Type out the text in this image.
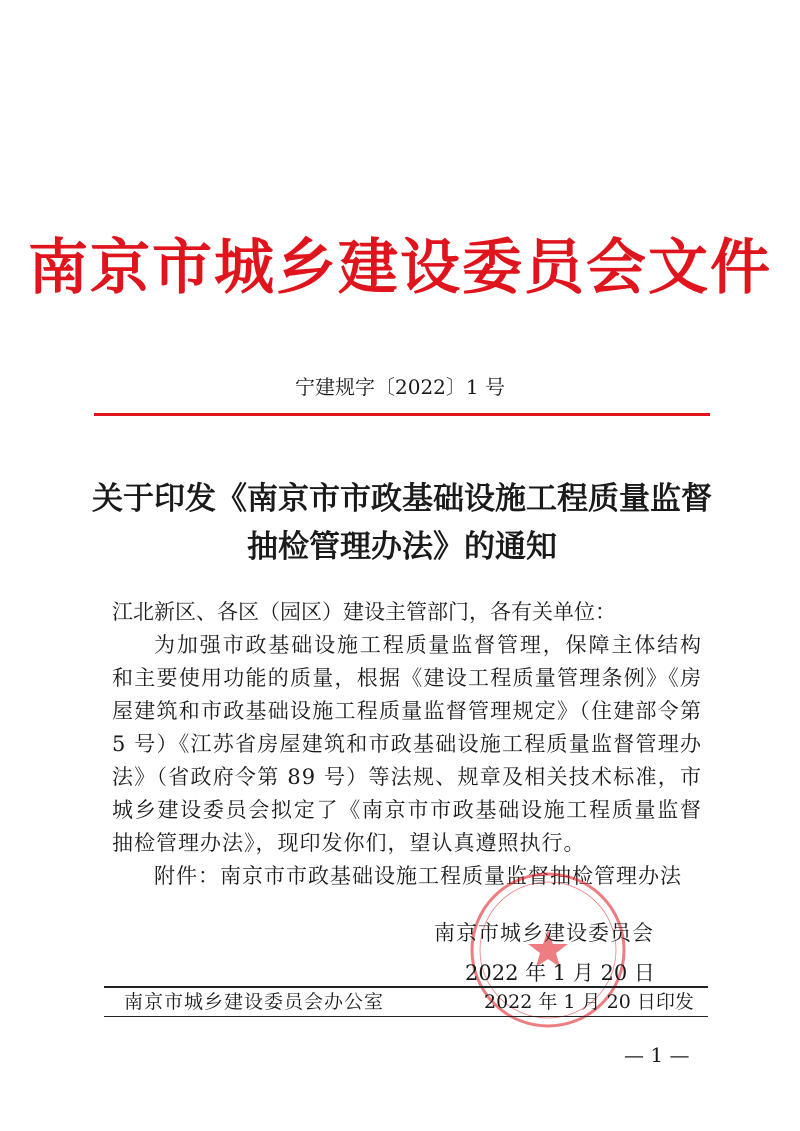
南京市城乡建设委员会文件
宁建规字〔2022〕1 号
关于印发《南京市市政基础设施工程质量监督
抽检管理办法》的通知

江北新区、各区（园区）建设主管部门，各有关单位：

为加强市政基础设施工程质量监督管理，保障主体结构和主要使用功能的质量，根据《建设工程质量管理条例》《房屋建筑和市政基础设施工程质量监督管理规定》（住建部令第 5 号）《江苏省房屋建筑和市政基础设施工程质量监督管理办法》（省政府令第 89 号）等法规、规章及相关技术标准，市城乡建设委员会拟定了《南京市市政基础设施工程质量监督抽检管理办法》，现印发你们，望认真遵照执行。

附件：南京市市政基础设施工程质量监督抽检管理办法

南京市城乡建设委员会
2022 年 1 月 20 日
南京市城乡建设委员会办公室	2022 年 1 月 20 日印发
— 1 —
